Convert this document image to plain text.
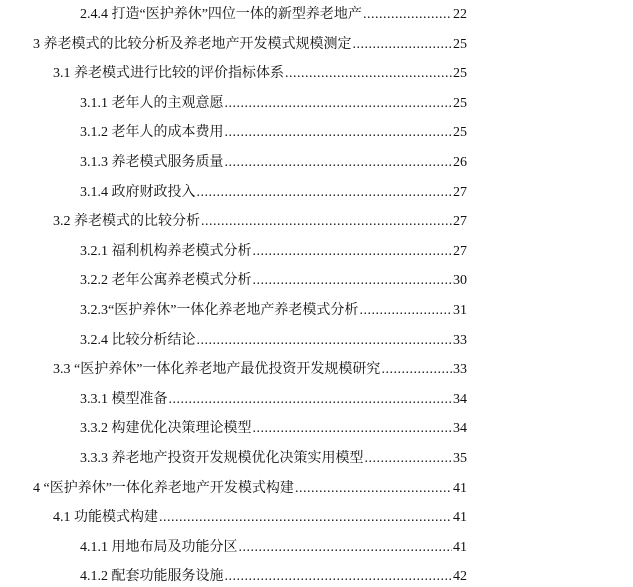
2.4.4 打造“医护养休”四位一体的新型养老地产 .....	22
3 养老模式的比较分析及养老地产开发模式规模测定 .....	25
3.1 养老模式进行比较的评价指标体系 .....	25
3.1.1 老年人的主观意愿 .....	25
3.1.2 老年人的成本费用 .....	25
3.1.3 养老模式服务质量 .....	26
3.1.4 政府财政投入 .....	27
3.2 养老模式的比较分析 .....	27
3.2.1 福利机构养老模式分析 .....	27
3.2.2 老年公寓养老模式分析 .....	30
3.2.3“医护养休”一体化养老地产养老模式分析 .....	31
3.2.4 比较分析结论 .....	33
3.3 “医护养休”一体化养老地产最优投资开发规模研究 .....	33
3.3.1 模型准备 .....	34
3.3.2 构建优化决策理论模型 .....	34
3.3.3 养老地产投资开发规模优化决策实用模型 .....	35
4 “医护养休”一体化养老地产开发模式构建 .....	41
4.1 功能模式构建 .....	41
4.1.1 用地布局及功能分区 .....	41
4.1.2 配套功能服务设施 .....	42
